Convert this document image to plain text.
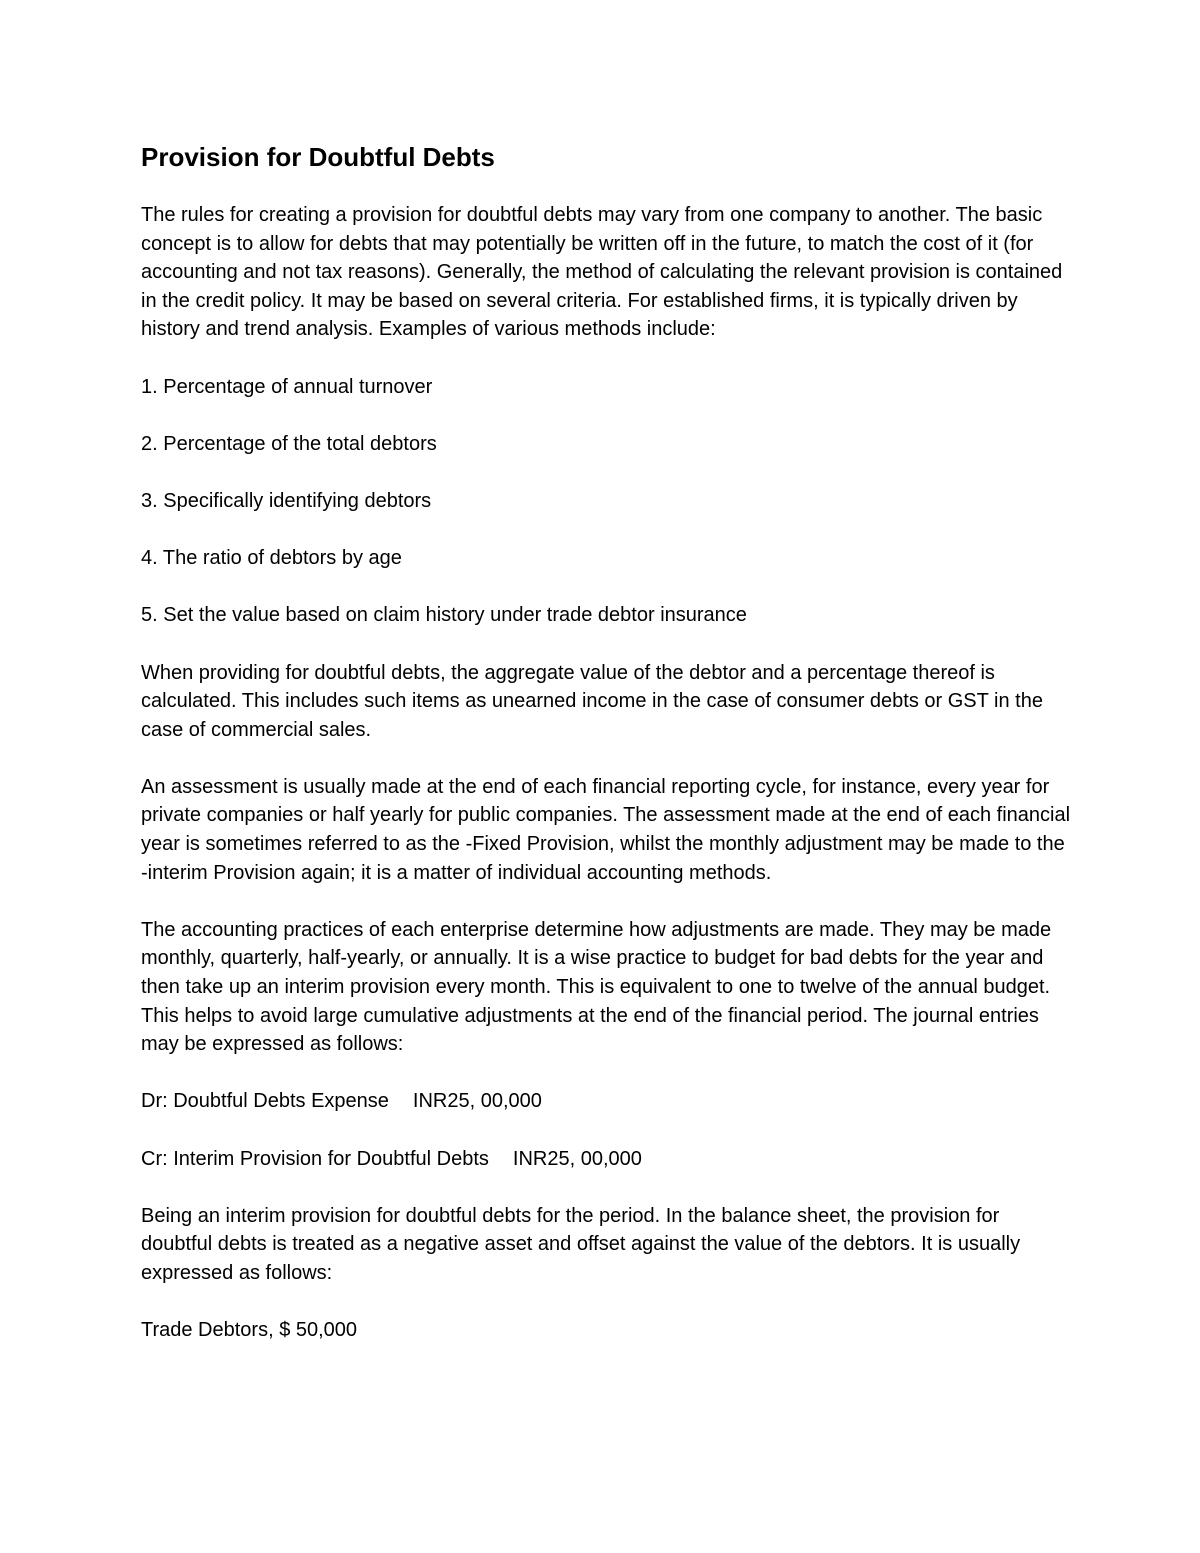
Provision for Doubtful Debts

The rules for creating a provision for doubtful debts may vary from one company to another. The basic concept is to allow for debts that may potentially be written off in the future, to match the cost of it (for accounting and not tax reasons). Generally, the method of calculating the relevant provision is contained in the credit policy. It may be based on several criteria. For established firms, it is typically driven by history and trend analysis. Examples of various methods include:

1. Percentage of annual turnover

2. Percentage of the total debtors

3. Specifically identifying debtors

4. The ratio of debtors by age

5. Set the value based on claim history under trade debtor insurance

When providing for doubtful debts, the aggregate value of the debtor and a percentage thereof is calculated. This includes such items as unearned income in the case of consumer debts or GST in the case of commercial sales.

An assessment is usually made at the end of each financial reporting cycle, for instance, every year for private companies or half yearly for public companies. The assessment made at the end of each financial year is sometimes referred to as the -Fixed Provision, whilst the monthly adjustment may be made to the -interim Provision again; it is a matter of individual accounting methods.

The accounting practices of each enterprise determine how adjustments are made. They may be made monthly, quarterly, half-yearly, or annually. It is a wise practice to budget for bad debts for the year and then take up an interim provision every month. This is equivalent to one to twelve of the annual budget. This helps to avoid large cumulative adjustments at the end of the financial period. The journal entries may be expressed as follows:

Dr: Doubtful Debts Expense INR25, 00,000

Cr: Interim Provision for Doubtful Debts INR25, 00,000

Being an interim provision for doubtful debts for the period. In the balance sheet, the provision for doubtful debts is treated as a negative asset and offset against the value of the debtors. It is usually expressed as follows:

Trade Debtors, $ 50,000
